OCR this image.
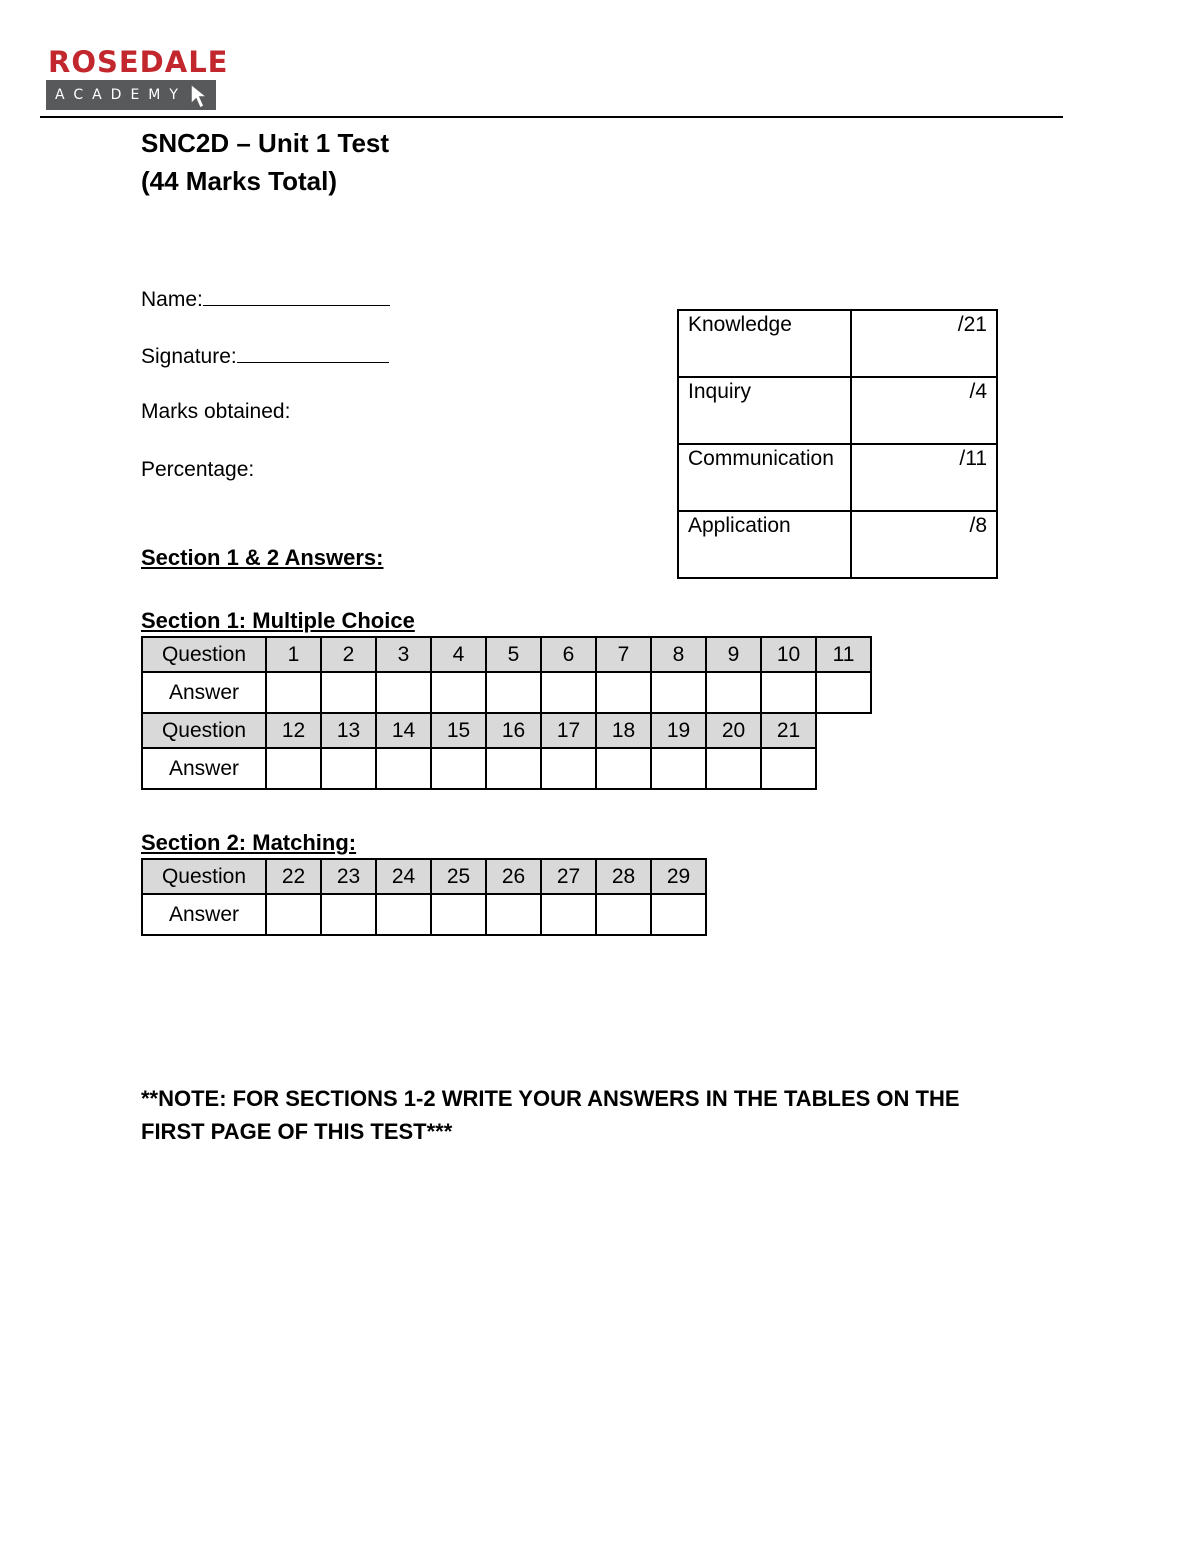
ROSEDALE
ACADEMY
SNC2D – Unit 1 Test
(44 Marks Total)
Name:
Signature:
Marks obtained:
Percentage:
Knowledge	/21
Inquiry	/4
Communication	/11
Application	/8
Section 1 & 2 Answers:
Section 1: Multiple Choice
Question	1	2	3	4	5	6	7	8	9	10	11
Answer											
Question	12	13	14	15	16	17	18	19	20	21	
Answer											
Section 2: Matching:
Question	22	23	24	25	26	27	28	29
Answer								
**NOTE: FOR SECTIONS 1-2 WRITE YOUR ANSWERS IN THE TABLES ON THE
FIRST PAGE OF THIS TEST***
